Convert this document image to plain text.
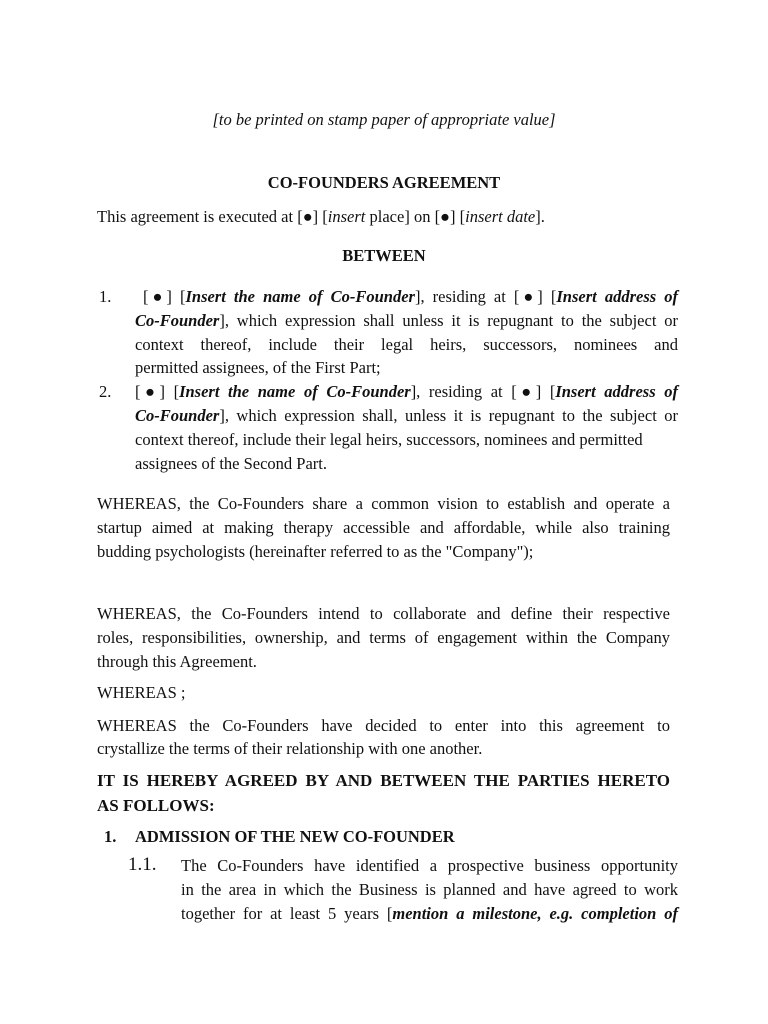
[to be printed on stamp paper of appropriate value]
CO-FOUNDERS AGREEMENT
This agreement is executed at [●] [insert place] on [●] [insert date].
BETWEEN
1. [●] [Insert the name of Co-Founder], residing at [●] [Insert address of
Co-Founder], which expression shall unless it is repugnant to the subject or
context thereof, include their legal heirs, successors, nominees and
permitted assignees, of the First Part;
2. [●] [Insert the name of Co-Founder], residing at [●] [Insert address of
Co-Founder], which expression shall, unless it is repugnant to the subject or
context thereof, include their legal heirs, successors, nominees and permitted
assignees of the Second Part.
WHEREAS, the Co-Founders share a common vision to establish and operate a
startup aimed at making therapy accessible and affordable, while also training
budding psychologists (hereinafter referred to as the "Company");
WHEREAS, the Co-Founders intend to collaborate and define their respective
roles, responsibilities, ownership, and terms of engagement within the Company
through this Agreement.
WHEREAS ;
WHEREAS the Co-Founders have decided to enter into this agreement to
crystallize the terms of their relationship with one another.
IT IS HEREBY AGREED BY AND BETWEEN THE PARTIES HERETO
AS FOLLOWS:
1. ADMISSION OF THE NEW CO-FOUNDER
1.1. The Co-Founders have identified a prospective business opportunity
in the area in which the Business is planned and have agreed to work
together for at least 5 years [mention a milestone, e.g. completion of
